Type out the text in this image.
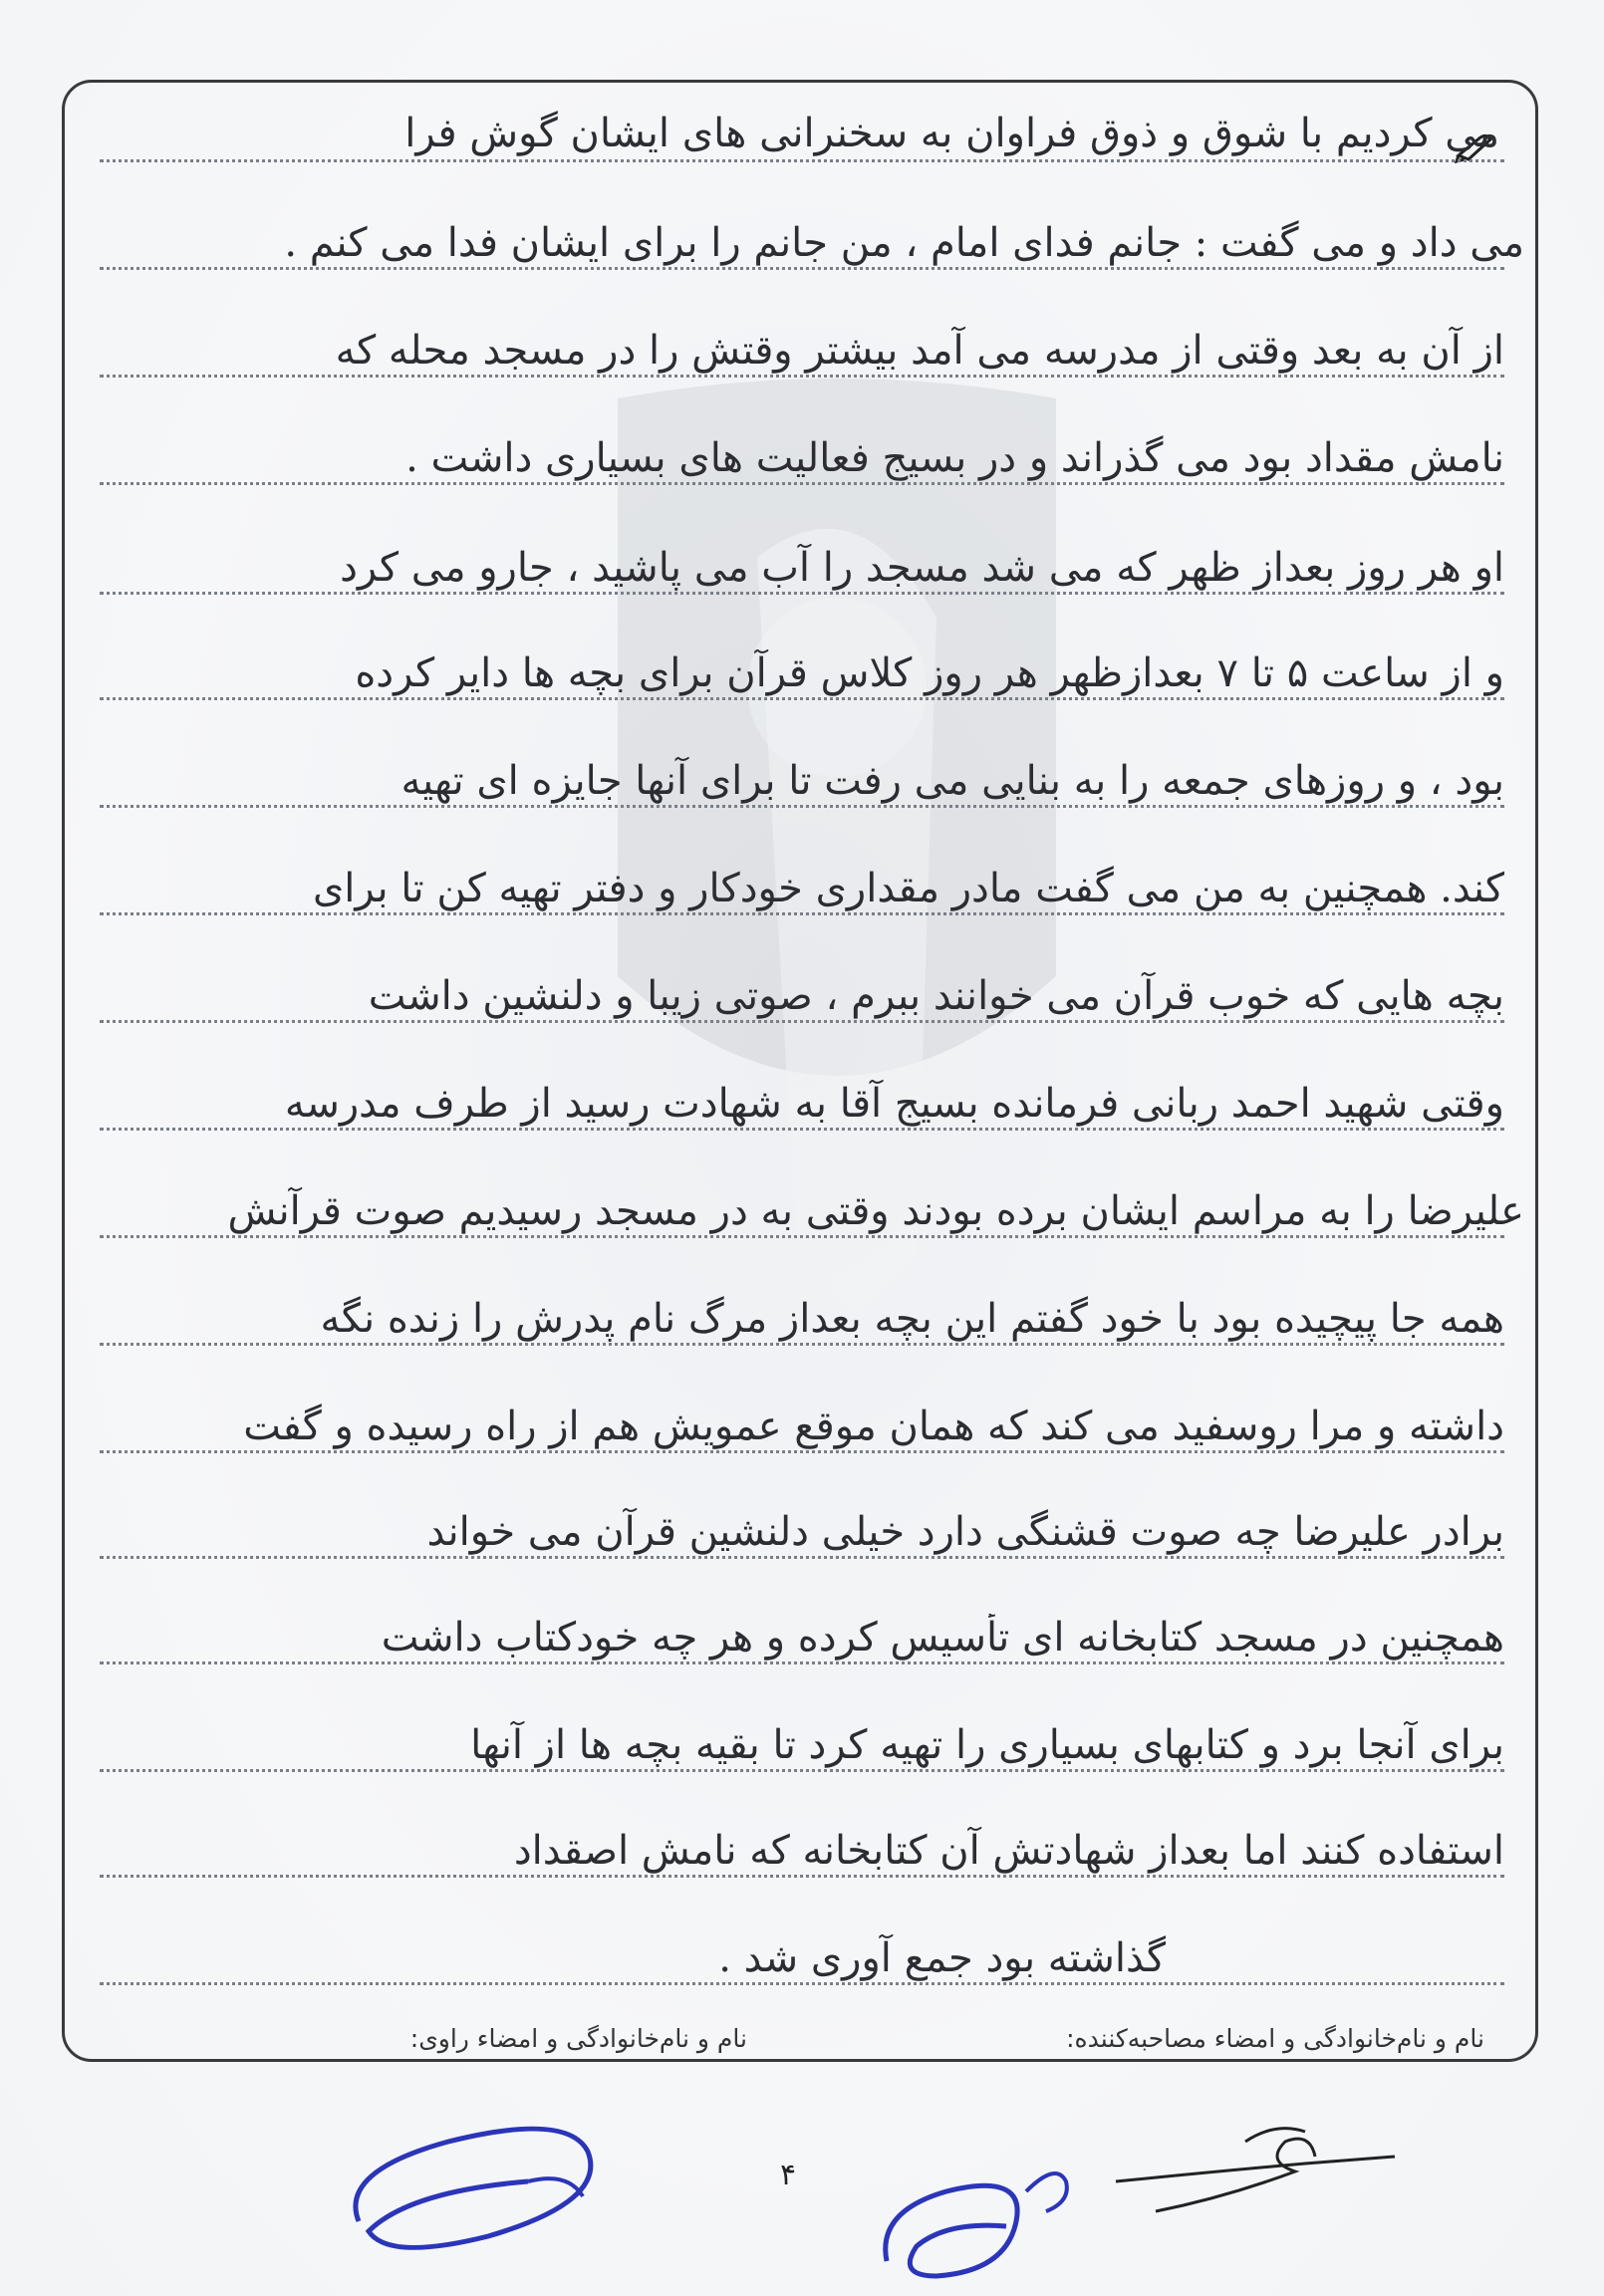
می کردیم با شوق و ذوق فراوان به سخنرانی های ایشان گوش فرا
می داد و می گفت : جانم فدای امام ، من جانم را برای ایشان فدا می کنم .
از آن به بعد وقتی از مدرسه می آمد بیشتر وقتش را در مسجد محله که
نامش مقداد بود می گذراند و در بسیج فعالیت های بسیاری داشت .
او هر روز بعداز ظهر که می شد مسجد را آب می پاشید ، جارو می کرد
و از ساعت ۵ تا ۷ بعدازظهر هر روز کلاس قرآن برای بچه ها دایر کرده
بود ، و روزهای جمعه را به بنایی می رفت تا برای آنها جایزه ای تهیه
کند. همچنین به من می گفت مادر مقداری خودکار و دفتر تهیه کن تا برای
بچه هایی که خوب قرآن می خوانند ببرم ، صوتی زیبا و دلنشین داشت
وقتی شهید احمد ربانی فرمانده بسیج آقا به شهادت رسید از طرف مدرسه
علیرضا را به مراسم ایشان برده بودند وقتی به در مسجد رسیدیم صوت قرآنش
همه جا پیچیده بود با خود گفتم این بچه بعداز مرگ نام پدرش را زنده نگه
داشته و مرا روسفید می کند که همان موقع عمویش هم از راه رسیده و گفت
برادر علیرضا چه صوت قشنگی دارد خیلی دلنشین قرآن می خواند
همچنین در مسجد کتابخانه ای تأسیس کرده و هر چه خودکتاب داشت
برای آنجا برد و کتابهای بسیاری را تهیه کرد تا بقیه بچه ها از آنها
استفاده کنند اما بعداز شهادتش آن کتابخانه که نامش اصقداد
گذاشته بود جمع آوری شد .
نام و نام‌خانوادگی و امضاء مصاحبه‌کننده:
نام و نام‌خانوادگی و امضاء راوی:
۴
